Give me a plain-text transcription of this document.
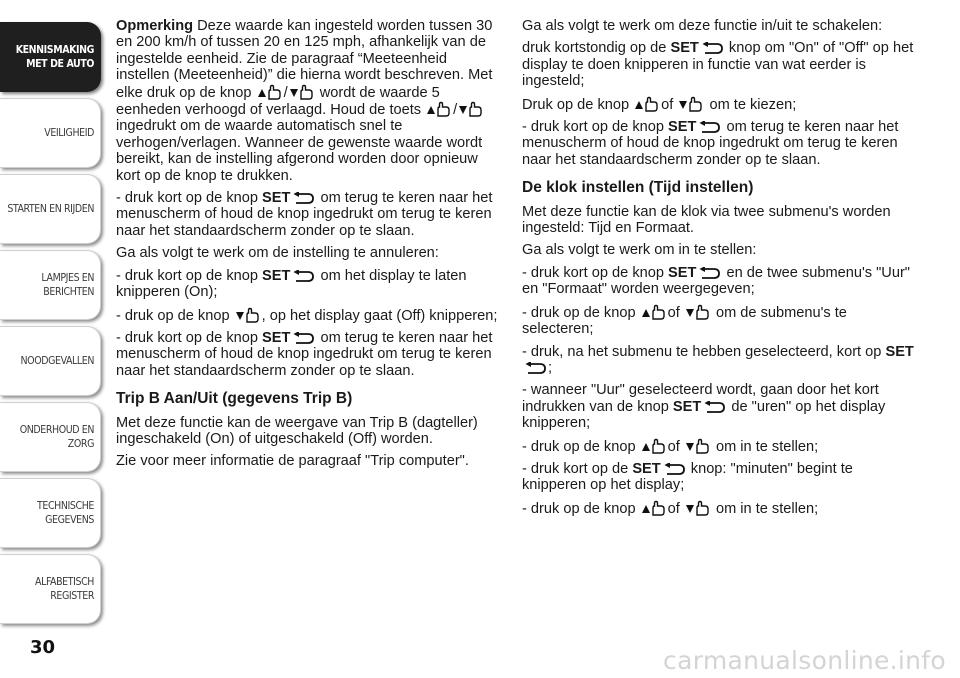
KENNISMAKING
MET DE AUTO
VEILIGHEID
STARTEN EN RIJDEN
LAMPJES EN
BERICHTEN
NOODGEVALLEN
ONDERHOUD EN
ZORG
TECHNISCHE
GEGEVENS
ALFABETISCH
REGISTER
30	carmanualsonline.info

Opmerking Deze waarde kan ingesteld worden tussen 30 en 200 km/h of tussen 20 en 125 mph, afhankelijk van de ingestelde eenheid. Zie de paragraaf “Meeteenheid instellen (Meeteenheid)” die hierna wordt beschreven. Met elke druk op de knop / wordt de waarde 5 eenheden verhoogd of verlaagd. Houd de toets / ingedrukt om de waarde automatisch snel te verhogen/verlagen. Wanneer de gewenste waarde wordt bereikt, kan de instelling afgerond worden door opnieuw kort op de knop te drukken.

- druk kort op de knop SET om terug te keren naar het menuscherm of houd de knop ingedrukt om terug te keren naar het standaardscherm zonder op te slaan.

Ga als volgt te werk om de instelling te annuleren:

- druk kort op de knop SET om het display te laten knipperen (On);

- druk op de knop , op het display gaat (Off) knipperen;

- druk kort op de knop SET om terug te keren naar het menuscherm of houd de knop ingedrukt om terug te keren naar het standaardscherm zonder op te slaan.

Trip B Aan/Uit (gegevens Trip B)

Met deze functie kan de weergave van Trip B (dagteller) ingeschakeld (On) of uitgeschakeld (Off) worden.

Zie voor meer informatie de paragraaf "Trip computer".

Ga als volgt te werk om deze functie in/uit te schakelen:

druk kortstondig op de SET knop om "On" of "Off" op het display te doen knipperen in functie van wat eerder is ingesteld;

Druk op de knop of om te kiezen;

- druk kort op de knop SET om terug te keren naar het menuscherm of houd de knop ingedrukt om terug te keren naar het standaardscherm zonder op te slaan.

De klok instellen (Tijd instellen)

Met deze functie kan de klok via twee submenu's worden ingesteld: Tijd en Formaat.

Ga als volgt te werk om in te stellen:

- druk kort op de knop SET en de twee submenu's "Uur" en "Formaat" worden weergegeven;

- druk op de knop of om de submenu's te selecteren;

- druk, na het submenu te hebben geselecteerd, kort op SET;

- wanneer "Uur" geselecteerd wordt, gaan door het kort indrukken van de knop SET de "uren" op het display knipperen;

- druk op de knop of om in te stellen;

- druk kort op de SET knop: "minuten" begint te knipperen op het display;

- druk op de knop of om in te stellen;
